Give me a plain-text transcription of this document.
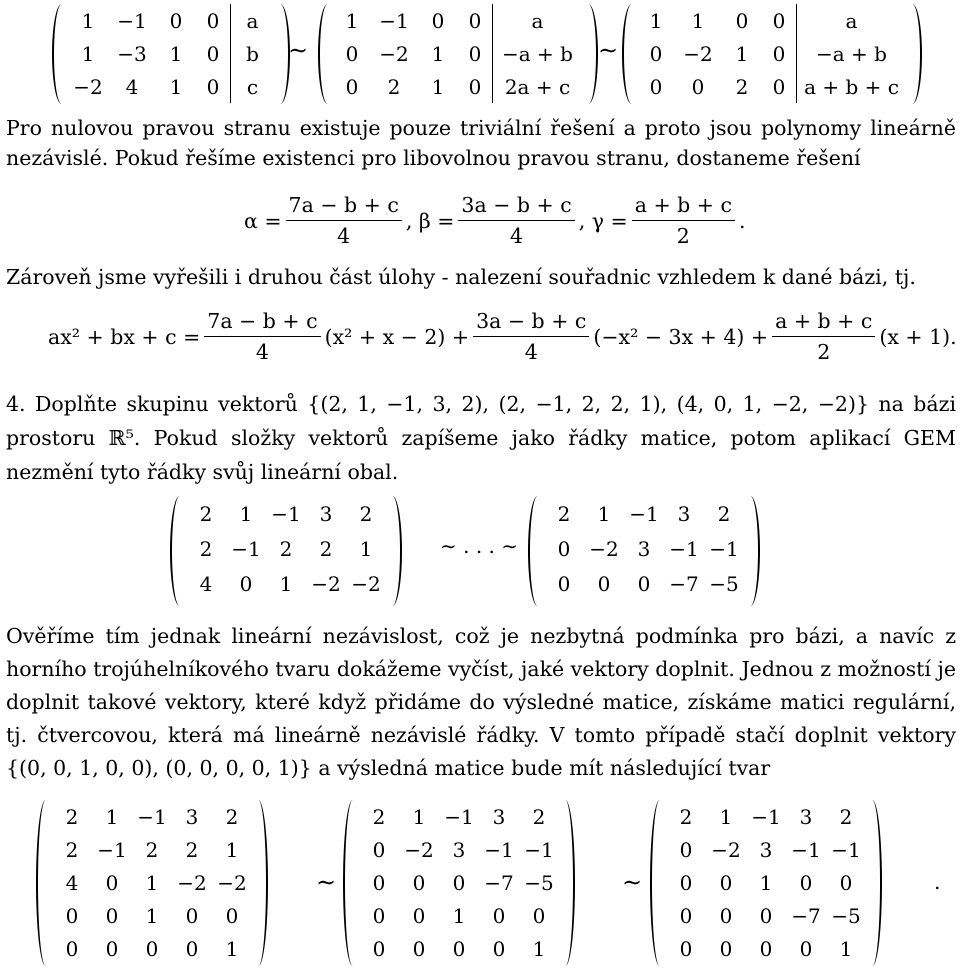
1 −1 0 0	a
1 −3 1 0	b
−2 4 1 0	c
∼
1 −1 0 0	a
0 −2 1 0	−a + b
0 2 1 0	2a + c
∼
1 1 0 0	a
0 −2 1 0	−a + b
0 0 2 0 a + b + c
Pro nulovou pravou stranu existuje pouze triviální řešení a proto jsou polynomy lineárně nezávislé. Pokud řešíme existenci pro libovolnou pravou stranu, dostaneme řešení
$\alpha = \frac{7a - b + c}{4}$ , $\beta = \frac{3a - b + c}{4}$ , $\gamma = \frac{a + b + c}{2}$ .
Zároveň jsme vyřešili i druhou část úlohy - nalezení souřadnic vzhledem k dané bázi, tj.
ax² + bx + $c = \frac{7a - b + c}{4} (x^2 + x - 2) + \frac{3a - b + c}{4} (-x^2 - 3x + 4) + \frac{a + b + c}{2} (x + 1)$.
4. Doplňte skupinu vektorů {(2, 1, −1, 3, 2), (2, −1, 2, 2, 1), (4, 0, 1, −2, −2)} na bázi prostoru ℝ⁵. Pokud složky vektorů zapíšeme jako řádky matice, potom aplikací GEM nezmění tyto řádky svůj lineární obal.
2 1 −1 3 2
2 −1 2 2 1
4 0 1 −2 −2
∼ . . . ∼
2 1 −1 3 2
0 −2 3 −1 −1
0 0 0 −7 −5
Ověříme tím jednak lineární nezávislost, což je nezbytná podmínka pro bázi, a navíc z horního trojúhelníkového tvaru dokážeme vyčíst, jaké vektory doplnit. Jednou z možností je doplnit takové vektory, které když přidáme do výsledné matice, získáme matici regulární, tj. čtvercovou, která má lineárně nezávislé řádky. V tomto případě stačí doplnit vektory {(0, 0, 1, 0, 0), (0, 0, 0, 0, 1)} a výsledná matice bude mít následující tvar
2 1 −1 3 2
2 −1 2 2 1
4 0 1 −2 −2
0 0 1 0 0
0 0 0 0 1
∼
2 1 −1 3 2
0 −2 3 −1 −1
0 0 0 −7 −5
0 0 1 0 0
0 0 0 0 1
∼
2 1 −1 3 2
0 −2 3 −1 −1
0 0 1 0 0
0 0 0 −7 −5
0 0 0 0 1
.
